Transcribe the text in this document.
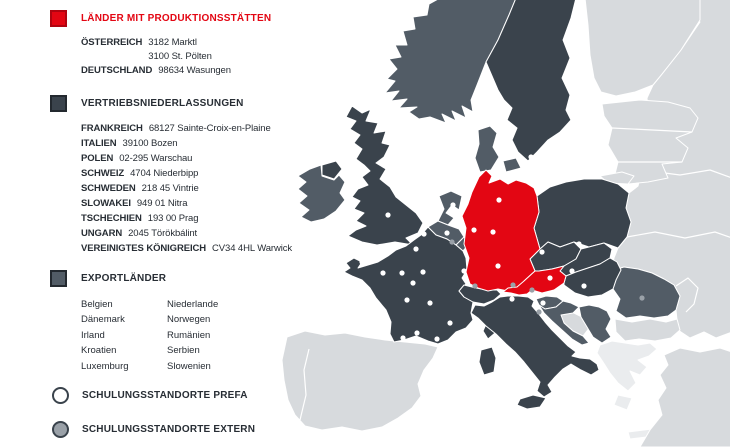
LÄNDER MIT PRODUKTIONSSTÄTTEN
ÖSTERREICH 3182 Marktl
3100 St. Pölten
DEUTSCHLAND 98634 Wasungen
VERTRIEBSNIEDERLASSUNGEN
FRANKREICH 68127 Sainte-Croix-en-Plaine
ITALIEN 39100 Bozen
POLEN 02-295 Warschau
SCHWEIZ 4704 Niederbipp
SCHWEDEN 218 45 Vintrie
SLOWAKEI 949 01 Nitra
TSCHECHIEN 193 00 Prag
UNGARN 2045 Törökbálint
VEREINIGTES KÖNIGREICH CV34 4HL Warwick
EXPORTLÄNDER
Belgien
Dänemark
Irland
Kroatien
Luxemburg
Niederlande
Norwegen
Rumänien
Serbien
Slowenien
SCHULUNGSSTANDORTE PREFA
SCHULUNGSSTANDORTE EXTERN
